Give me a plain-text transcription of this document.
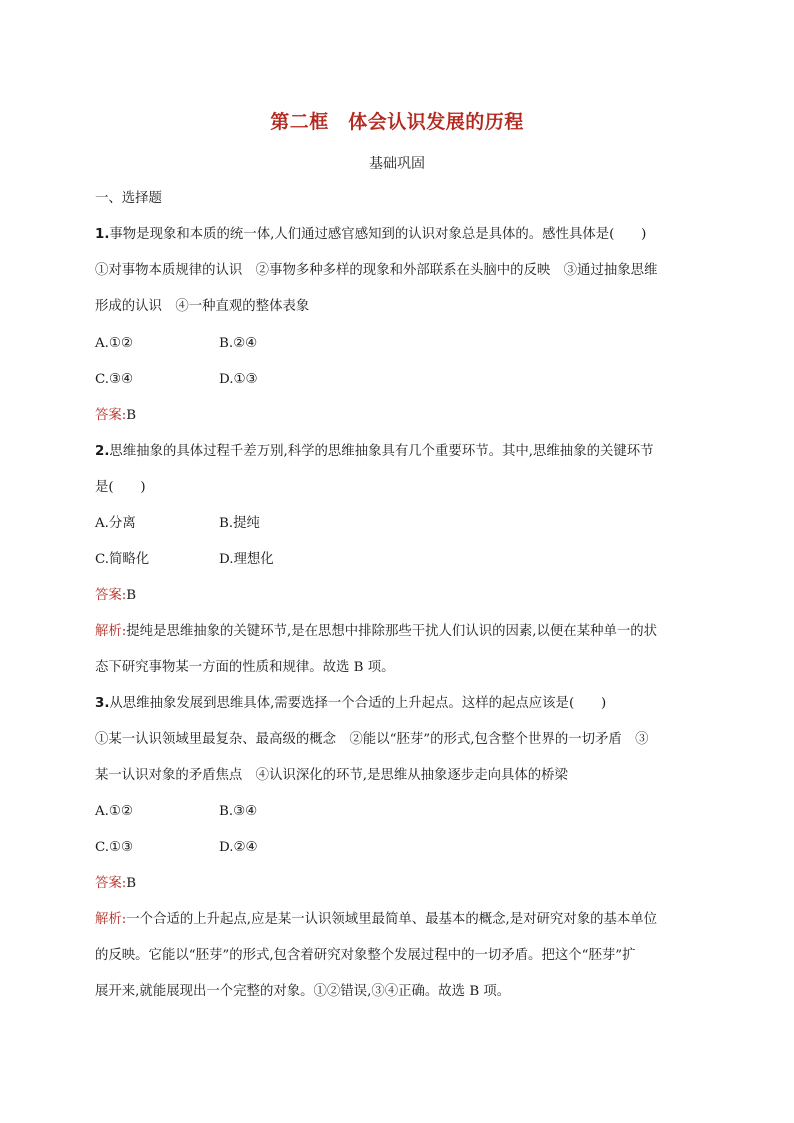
第二框　体会认识发展的历程
基础巩固
一、选择题
1.事物是现象和本质的统一体,人们通过感官感知到的认识对象总是具体的。感性具体是(　　)
①对事物本质规律的认识　②事物多种多样的现象和外部联系在头脑中的反映　③通过抽象思维
形成的认识　④一种直观的整体表象
A.①②	B.②④
C.③④	D.①③
答案:B
2.思维抽象的具体过程千差万别,科学的思维抽象具有几个重要环节。其中,思维抽象的关键环节
是(　　)
A.分离	B.提纯
C.简略化	D.理想化
答案:B
解析:提纯是思维抽象的关键环节,是在思想中排除那些干扰人们认识的因素,以便在某种单一的状
态下研究事物某一方面的性质和规律。故选 B 项。
3.从思维抽象发展到思维具体,需要选择一个合适的上升起点。这样的起点应该是(　　)
①某一认识领域里最复杂、最高级的概念　②能以“胚芽”的形式,包含整个世界的一切矛盾　③
某一认识对象的矛盾焦点　④认识深化的环节,是思维从抽象逐步走向具体的桥梁
A.①②	B.③④
C.①③	D.②④
答案:B
解析:一个合适的上升起点,应是某一认识领域里最简单、最基本的概念,是对研究对象的基本单位
的反映。它能以“胚芽”的形式,包含着研究对象整个发展过程中的一切矛盾。把这个“胚芽”扩
展开来,就能展现出一个完整的对象。①②错误,③④正确。故选 B 项。
